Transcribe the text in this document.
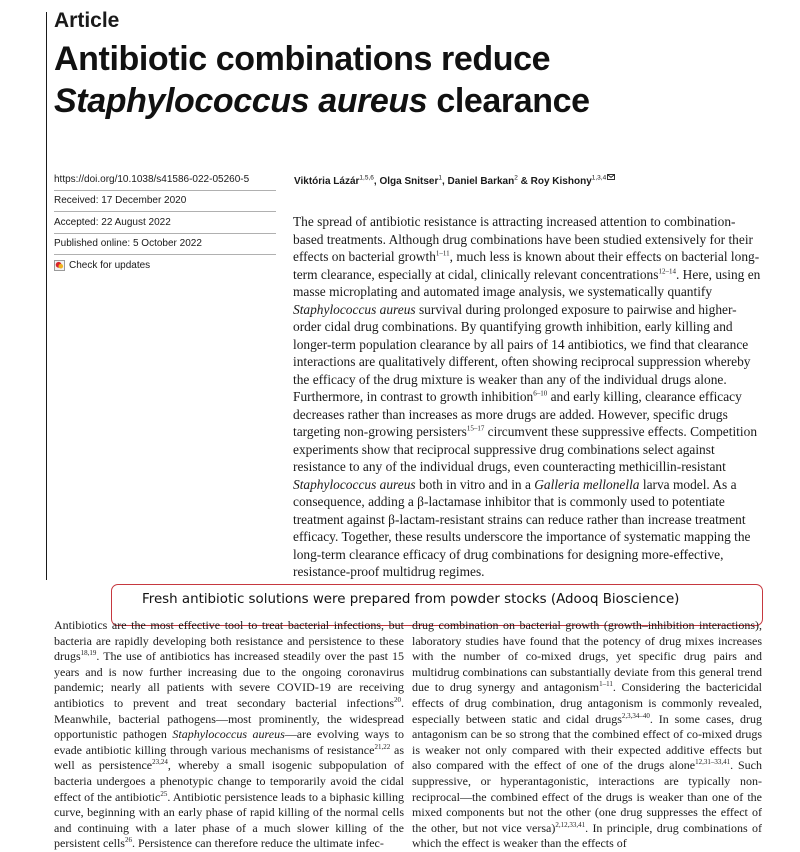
Article
Antibiotic combinations reduce
Staphylococcus aureus clearance
https://doi.org/10.1038/s41586-022-05260-5
Received: 17 December 2020
Accepted: 22 August 2022
Published online: 5 October 2022
Check for updates
Viktória Lázár$^{1,5,6}$, Olga Snitser$^1$, Daniel Barkan$^2$ & Roy Kishony$^{1,3,4}$

The spread of antibiotic resistance is attracting increased attention to combination-based treatments. Although drug combinations have been studied extensively for their effects on bacterial growth$^{1-11}$, much less is known about their effects on bacterial long-term clearance, especially at cidal, clinically relevant concentrations$^{12-14}$. Here, using en masse microplating and automated image analysis, we systematically quantify Staphylococcus aureus survival during prolonged exposure to pairwise and higher-order cidal drug combinations. By quantifying growth inhibition, early killing and longer-term population clearance by all pairs of 14 antibiotics, we find that clearance interactions are qualitatively different, often showing reciprocal suppression whereby the efficacy of the drug mixture is weaker than any of the individual drugs alone. Furthermore, in contrast to growth inhibition$^{6-10}$ and early killing, clearance efficacy decreases rather than increases as more drugs are added. However, specific drugs targeting non-growing persisters$^{15-17}$ circumvent these suppressive effects. Competition experiments show that reciprocal suppressive drug combinations select against resistance to any of the individual drugs, even counteracting methicillin-resistant Staphylococcus aureus both in vitro and in a Galleria mellonella larva model. As a consequence, adding a β-lactamase inhibitor that is commonly used to potentiate treatment against β-lactam-resistant strains can reduce rather than increase treatment efficacy. Together, these results underscore the importance of systematic mapping the long-term clearance efficacy of drug combinations for designing more-effective, resistance-proof multidrug regimes.

Fresh antibiotic solutions were prepared from powder stocks (Adooq Bioscience)

Antibiotics are the most effective tool to treat bacterial infections, but bacteria are rapidly developing both resistance and persistence to these drugs$^{18,19}$. The use of antibiotics has increased steadily over the past 15 years and is now further increasing due to the ongoing coronavirus pandemic; nearly all patients with severe COVID-19 are receiving antibiotics to prevent and treat secondary bacterial infections$^{20}$. Meanwhile, bacterial pathogens—most prominently, the widespread opportunistic pathogen Staphylococcus aureus—are evolving ways to evade antibiotic killing through various mechanisms of resistance$^{21,22}$ as well as persistence$^{23,24}$, whereby a small isogenic subpopulation of bacteria undergoes a phenotypic change to temporarily avoid the cidal effect of the antibiotic$^{25}$. Antibiotic persistence leads to a biphasic killing curve, beginning with an early phase of rapid killing of the normal cells and continuing with a later phase of a much slower killing of the persistent cells$^{26}$. Persistence can therefore reduce the ultimate infec-

drug combination on bacterial growth (growth–inhibition interactions), laboratory studies have found that the potency of drug mixes increases with the number of co-mixed drugs, yet specific drug pairs and multidrug combinations can substantially deviate from this general trend due to drug synergy and antagonism$^{1-11}$. Considering the bactericidal effects of drug combination, drug antagonism is commonly revealed, especially between static and cidal drugs$^{2,3,34-40}$. In some cases, drug antagonism can be so strong that the combined effect of co-mixed drugs is weaker not only compared with their expected additive effects but also compared with the effect of one of the drugs alone$^{12,31-33,41}$. Such suppressive, or hyperantagonistic, interactions are typically non-reciprocal—the combined effect of the drugs is weaker than one of the mixed components but not the other (one drug suppresses the effect of the other, but not vice versa)$^{2,12,33,41}$. In principle, drug combinations of which the effect is weaker than the effects of
